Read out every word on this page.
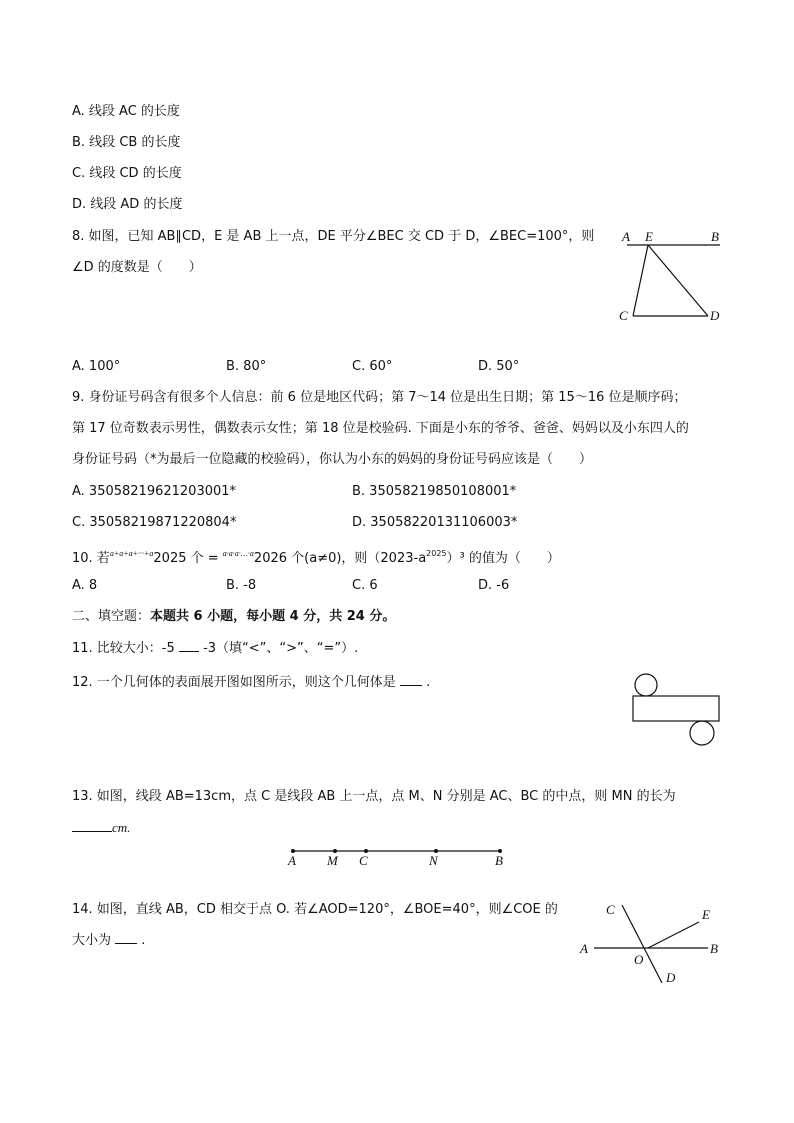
A. 线段 AC 的长度
B. 线段 CB 的长度
C. 线段 CD 的长度
D. 线段 AD 的长度
8. 如图，已知 AB∥CD，E 是 AB 上一点，DE 平分∠BEC 交 CD 于 D，∠BEC=100°，则
∠D 的度数是（　　）
A E	B
C	D
A. 100°	B. 80°	C. 60°	D. 50°
9. 身份证号码含有很多个人信息：前 6 位是地区代码；第 7～14 位是出生日期；第 15～16 位是顺序码；
第 17 位奇数表示男性，偶数表示女性；第 18 位是校验码. 下面是小东的爷爷、爸爸、妈妈以及小东四人的
身份证号码（*为最后一位隐藏的校验码），你认为小东的妈妈的身份证号码应该是（　　）
A. 35058219621203001*	B. 35058219850108001*
C. 35058219871220804*	D. 35058220131106003*
10. 若$^{a+a+a+\cdot\cdot\cdot+a}$2025 个 = $^{a\cdot a\cdot a\cdot\dots\cdot a}$2026 个(a≠0)，则$(2023-a^{2025})^3$ 的值为（　　）
A. 8	B. -8	C. 6	D. -6
二、填空题：本题共 6 小题，每小题 4 分，共 24 分。
11. 比较大小：-5 -3（填“<”、“>”、“=”）.
12. 一个几何体的表面展开图如图所示，则这个几何体是 .
13. 如图，线段 AB=13cm，点 C 是线段 AB 上一点，点 M、N 分别是 AC、BC 的中点，则 MN 的长为
cm.
A M C	N	B
14. 如图，直线 AB，CD 相交于点 O. 若∠AOD=120°，∠BOE=40°，则∠COE 的
大小为 .
A	B
C
D
E
O
